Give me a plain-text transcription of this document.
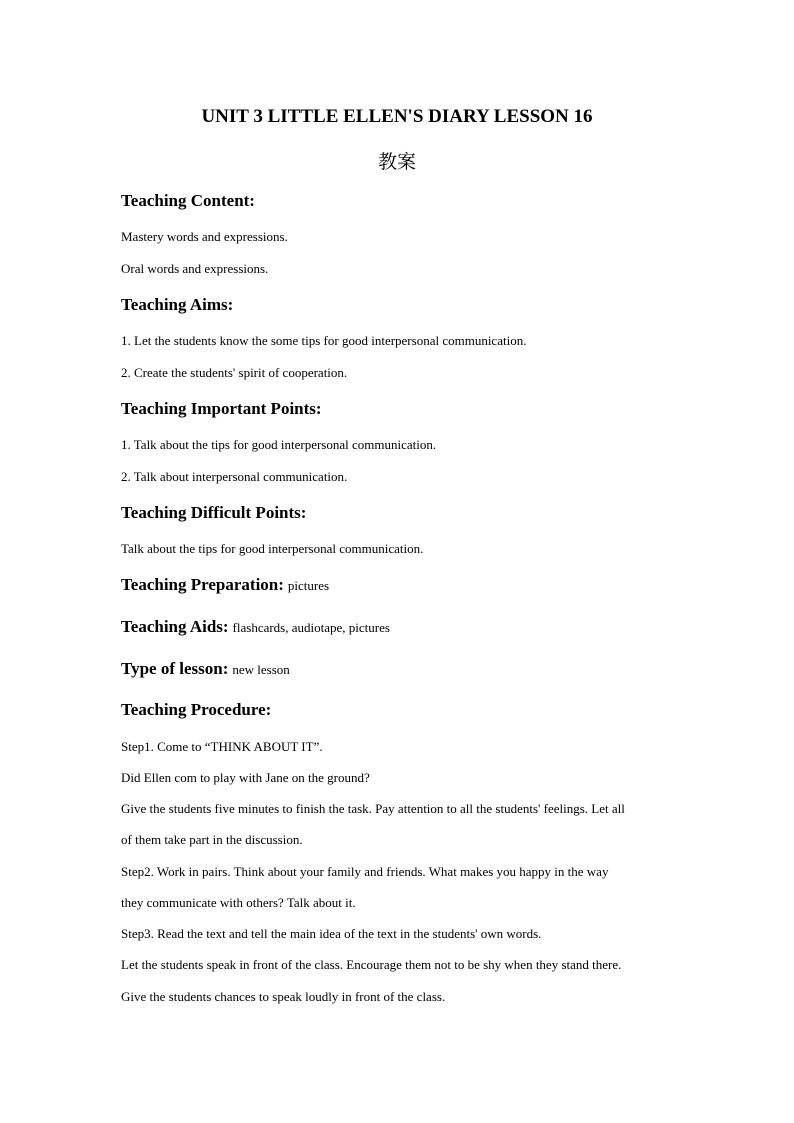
UNIT 3 LITTLE ELLEN'S DIARY LESSON 16
教案
Teaching Content:
Mastery words and expressions.
Oral words and expressions.
Teaching Aims:
1. Let the students know the some tips for good interpersonal communication.
2. Create the students' spirit of cooperation.
Teaching Important Points:
1. Talk about the tips for good interpersonal communication.
2. Talk about interpersonal communication.
Teaching Difficult Points:
Talk about the tips for good interpersonal communication.
Teaching Preparation: pictures
Teaching Aids: flashcards, audiotape, pictures
Type of lesson: new lesson
Teaching Procedure:
Step1. Come to “THINK ABOUT IT”.
Did Ellen com to play with Jane on the ground?
Give the students five minutes to finish the task. Pay attention to all the students' feelings. Let all
of them take part in the discussion.
Step2. Work in pairs. Think about your family and friends. What makes you happy in the way
they communicate with others? Talk about it.
Step3. Read the text and tell the main idea of the text in the students' own words.
Let the students speak in front of the class. Encourage them not to be shy when they stand there.
Give the students chances to speak loudly in front of the class.
